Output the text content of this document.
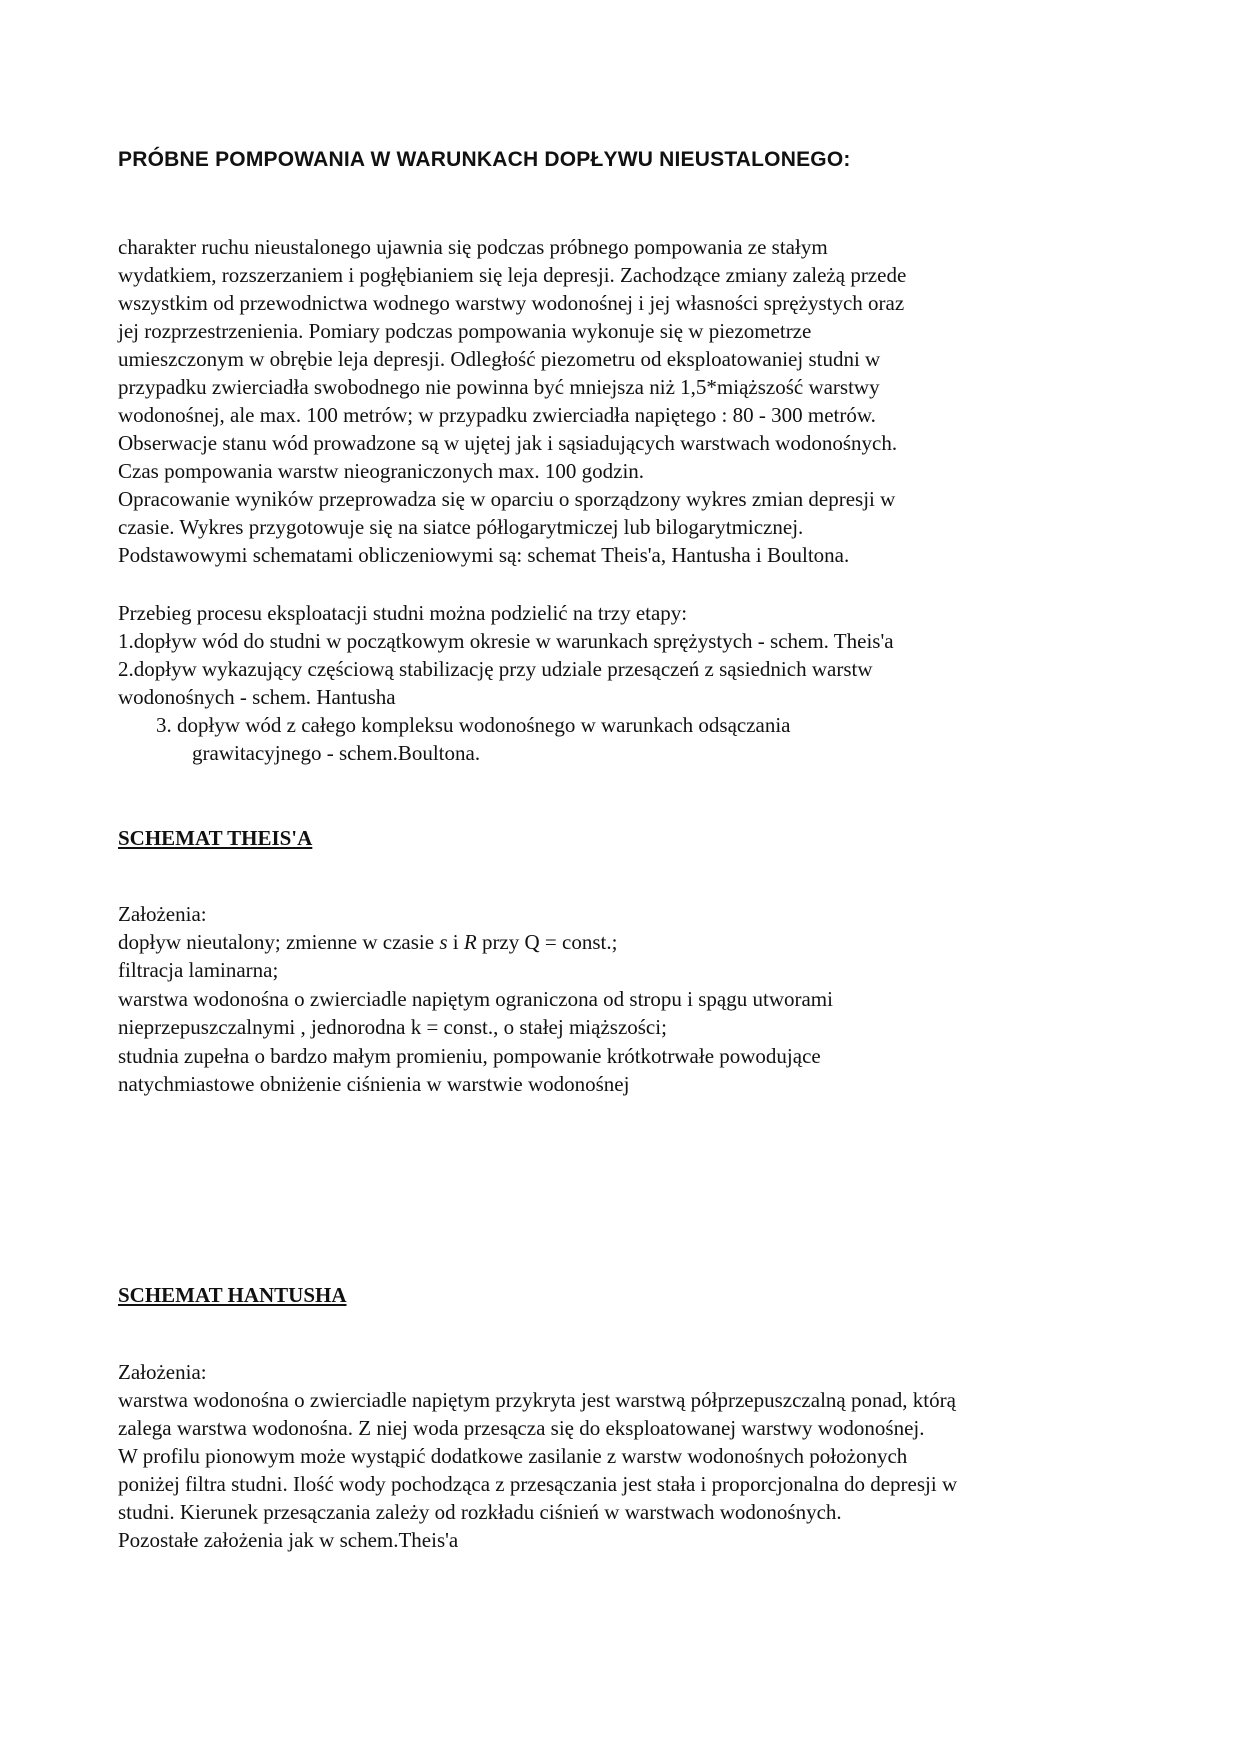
PRÓBNE POMPOWANIA W WARUNKACH DOPŁYWU NIEUSTALONEGO:
charakter ruchu nieustalonego ujawnia się podczas próbnego pompowania ze stałym
wydatkiem, rozszerzaniem i pogłębianiem się leja depresji. Zachodzące zmiany zależą przede
wszystkim od przewodnictwa wodnego warstwy wodonośnej i jej własności sprężystych oraz
jej rozprzestrzenienia. Pomiary podczas pompowania wykonuje się w piezometrze
umieszczonym w obrębie leja depresji. Odległość piezometru od eksploatowaniej studni w
przypadku zwierciadła swobodnego nie powinna być mniejsza niż 1,5*miąższość warstwy
wodonośnej, ale max. 100 metrów; w przypadku zwierciadła napiętego : 80 - 300 metrów.
Obserwacje stanu wód prowadzone są w ujętej jak i sąsiadujących warstwach wodonośnych.
Czas pompowania warstw nieograniczonych max. 100 godzin.
Opracowanie wyników przeprowadza się w oparciu o sporządzony wykres zmian depresji w
czasie. Wykres przygotowuje się na siatce półlogarytmiczej lub bilogarytmicznej.
Podstawowymi schematami obliczeniowymi są: schemat Theis'a, Hantusha i Boultona.
Przebieg procesu eksploatacji studni można podzielić na trzy etapy:
1.dopływ wód do studni w początkowym okresie w warunkach sprężystych - schem. Theis'a
2.dopływ wykazujący częściową stabilizację przy udziale przesączeń z sąsiednich warstw
wodonośnych - schem. Hantusha
3. dopływ wód z całego kompleksu wodonośnego w warunkach odsączania
grawitacyjnego - schem.Boultona.
SCHEMAT THEIS'A
Założenia:
dopływ nieutalony; zmienne w czasie s i R przy Q = const.;
filtracja laminarna;
warstwa wodonośna o zwierciadle napiętym ograniczona od stropu i spągu utworami
nieprzepuszczalnymi , jednorodna k = const., o stałej miąższości;
studnia zupełna o bardzo małym promieniu, pompowanie krótkotrwałe powodujące
natychmiastowe obniżenie ciśnienia w warstwie wodonośnej
SCHEMAT HANTUSHA
Założenia:
warstwa wodonośna o zwierciadle napiętym przykryta jest warstwą półprzepuszczalną ponad, którą
zalega warstwa wodonośna. Z niej woda przesącza się do eksploatowanej warstwy wodonośnej.
W profilu pionowym może wystąpić dodatkowe zasilanie z warstw wodonośnych położonych
poniżej filtra studni. Ilość wody pochodząca z przesączania jest stała i proporcjonalna do depresji w
studni. Kierunek przesączania zależy od rozkładu ciśnień w warstwach wodonośnych.
Pozostałe założenia jak w schem.Theis'a
